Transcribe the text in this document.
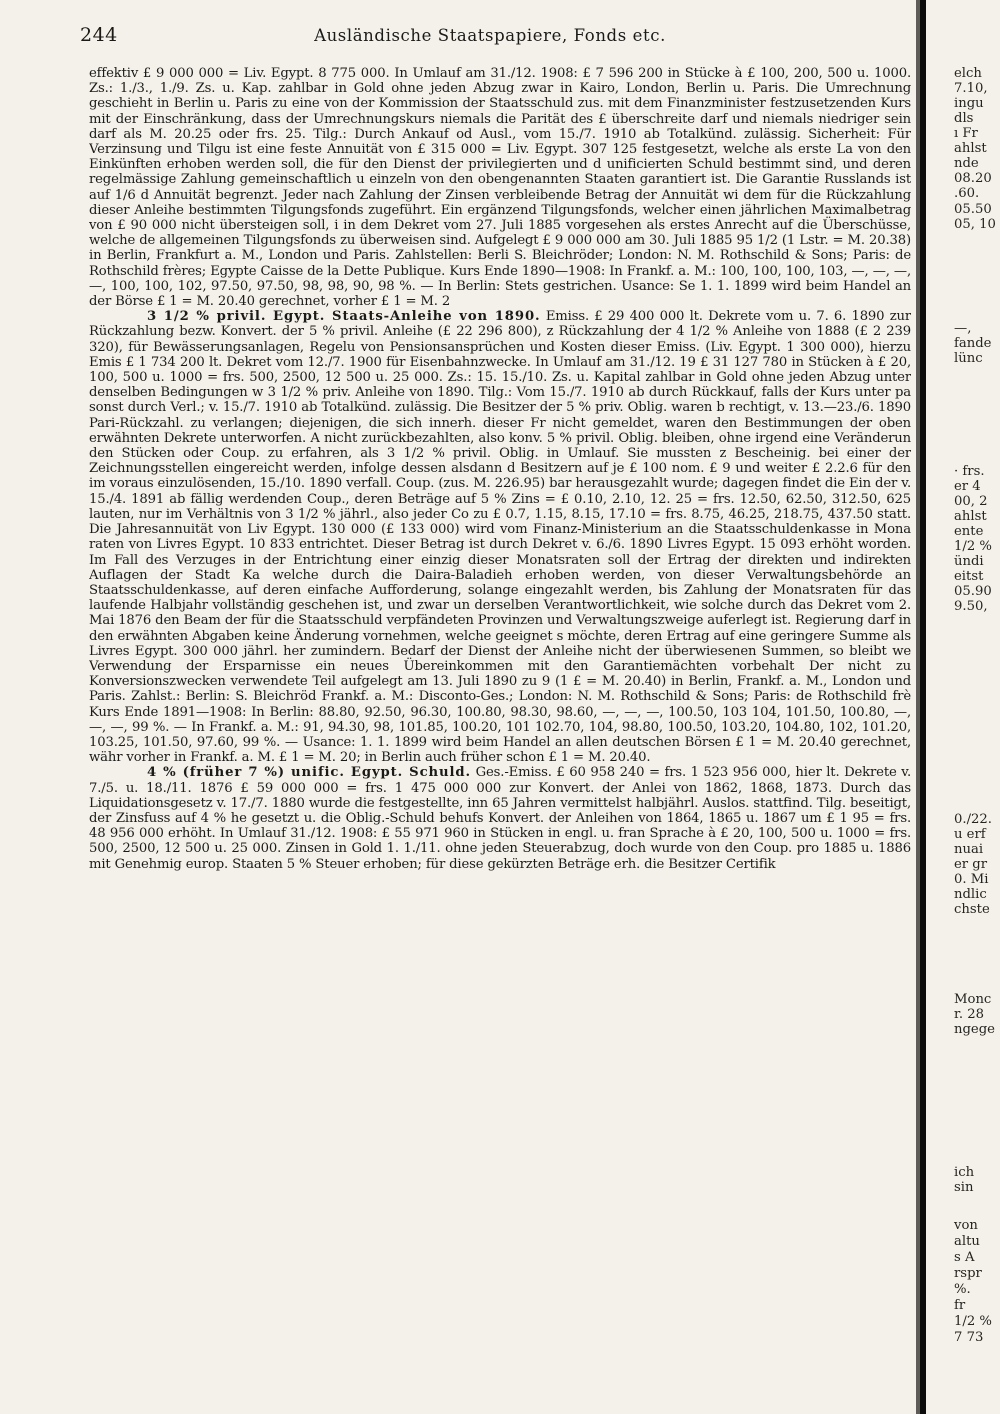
244	Ausländische Staatspapiere, Fonds etc.

effektiv £ 9 000 000 = Liv. Egypt. 8 775 000. In Umlauf am 31./12. 1908: £ 7 596 200 in Stücke à £ 100, 200, 500 u. 1000. Zs.: 1./3., 1./9. Zs. u. Kap. zahlbar in Gold ohne jeden Abzug zwar in Kairo, London, Berlin u. Paris. Die Umrechnung geschieht in Berlin u. Paris zu eine von der Kommission der Staatsschuld zus. mit dem Finanzminister festzusetzenden Kurs mit der Einschränkung, dass der Umrechnungskurs niemals die Parität des £ überschreite darf und niemals niedriger sein darf als M. 20.25 oder frs. 25. Tilg.: Durch Ankauf od Ausl., vom 15./7. 1910 ab Totalkünd. zulässig. Sicherheit: Für Verzinsung und Tilgu ist eine feste Annuität von £ 315 000 = Liv. Egypt. 307 125 festgesetzt, welche als erste La von den Einkünften erhoben werden soll, die für den Dienst der privilegierten und d unificierten Schuld bestimmt sind, und deren regelmässige Zahlung gemeinschaftlich u einzeln von den obengenannten Staaten garantiert ist. Die Garantie Russlands ist auf 1/6 d Annuität begrenzt. Jeder nach Zahlung der Zinsen verbleibende Betrag der Annuität wi dem für die Rückzahlung dieser Anleihe bestimmten Tilgungsfonds zugeführt. Ein ergänzend Tilgungsfonds, welcher einen jährlichen Maximalbetrag von £ 90 000 nicht übersteigen soll, i in dem Dekret vom 27. Juli 1885 vorgesehen als erstes Anrecht auf die Überschüsse, welche de allgemeinen Tilgungsfonds zu überweisen sind. Aufgelegt £ 9 000 000 am 30. Juli 1885 95 1/2 (1 Lstr. = M. 20.38) in Berlin, Frankfurt a. M., London und Paris. Zahlstellen: Berli S. Bleichröder; London: N. M. Rothschild & Sons; Paris: de Rothschild frères; Egypte Caisse de la Dette Publique. Kurs Ende 1890—1908: In Frankf. a. M.: 100, 100, 100, 103, —, —, —, —, 100, 100, 102, 97.50, 97.50, 98, 98, 90, 98 %. — In Berlin: Stets gestrichen. Usance: Se 1. 1. 1899 wird beim Handel an der Börse £ 1 = M. 20.40 gerechnet, vorher £ 1 = M. 2

3 1/2 % privil. Egypt. Staats-Anleihe von 1890. Emiss. £ 29 400 000 lt. Dekrete vom u. 7. 6. 1890 zur Rückzahlung bezw. Konvert. der 5 % privil. Anleihe (£ 22 296 800), z Rückzahlung der 4 1/2 % Anleihe von 1888 (£ 2 239 320), für Bewässerungsanlagen, Regelu von Pensionsansprüchen und Kosten dieser Emiss. (Liv. Egypt. 1 300 000), hierzu Emis £ 1 734 200 lt. Dekret vom 12./7. 1900 für Eisenbahnzwecke. In Umlauf am 31./12. 19 £ 31 127 780 in Stücken à £ 20, 100, 500 u. 1000 = frs. 500, 2500, 12 500 u. 25 000. Zs.: 15. 15./10. Zs. u. Kapital zahlbar in Gold ohne jeden Abzug unter denselben Bedingungen w 3 1/2 % priv. Anleihe von 1890. Tilg.: Vom 15./7. 1910 ab durch Rückkauf, falls der Kurs unter pa sonst durch Verl.; v. 15./7. 1910 ab Totalkünd. zulässig. Die Besitzer der 5 % priv. Oblig. waren b rechtigt, v. 13.—23./6. 1890 Pari-Rückzahl. zu verlangen; diejenigen, die sich innerh. dieser Fr nicht gemeldet, waren den Bestimmungen der oben erwähnten Dekrete unterworfen. A nicht zurückbezahlten, also konv. 5 % privil. Oblig. bleiben, ohne irgend eine Veränderun den Stücken oder Coup. zu erfahren, als 3 1/2 % privil. Oblig. in Umlauf. Sie mussten z Bescheinig. bei einer der Zeichnungsstellen eingereicht werden, infolge dessen alsdann d Besitzern auf je £ 100 nom. £ 9 und weiter £ 2.2.6 für den im voraus einzulösenden, 15./10. 1890 verfall. Coup. (zus. M. 226.95) bar herausgezahlt wurde; dagegen findet die Ein der v. 15./4. 1891 ab fällig werdenden Coup., deren Beträge auf 5 % Zins = £ 0.10, 2.10, 12. 25 = frs. 12.50, 62.50, 312.50, 625 lauten, nur im Verhältnis von 3 1/2 % jährl., also jeder Co zu £ 0.7, 1.15, 8.15, 17.10 = frs. 8.75, 46.25, 218.75, 437.50 statt. Die Jahresannuität von Liv Egypt. 130 000 (£ 133 000) wird vom Finanz-Ministerium an die Staatsschuldenkasse in Mona raten von Livres Egypt. 10 833 entrichtet. Dieser Betrag ist durch Dekret v. 6./6. 1890 Livres Egypt. 15 093 erhöht worden. Im Fall des Verzuges in der Entrichtung einer einzig dieser Monatsraten soll der Ertrag der direkten und indirekten Auflagen der Stadt Ka welche durch die Daira-Baladieh erhoben werden, von dieser Verwaltungsbehörde an Staatsschuldenkasse, auf deren einfache Aufforderung, solange eingezahlt werden, bis Zahlung der Monatsraten für das laufende Halbjahr vollständig geschehen ist, und zwar un derselben Verantwortlichkeit, wie solche durch das Dekret vom 2. Mai 1876 den Beam der für die Staatsschuld verpfändeten Provinzen und Verwaltungszweige auferlegt ist. Regierung darf in den erwähnten Abgaben keine Änderung vornehmen, welche geeignet s möchte, deren Ertrag auf eine geringere Summe als Livres Egypt. 300 000 jährl. her zumindern. Bedarf der Dienst der Anleihe nicht der überwiesenen Summen, so bleibt we Verwendung der Ersparnisse ein neues Übereinkommen mit den Garantiemächten vorbehalt Der nicht zu Konversionszwecken verwendete Teil aufgelegt am 13. Juli 1890 zu 9 (1 £ = M. 20.40) in Berlin, Frankf. a. M., London und Paris. Zahlst.: Berlin: S. Bleichröd Frankf. a. M.: Disconto-Ges.; London: N. M. Rothschild & Sons; Paris: de Rothschild frè Kurs Ende 1891—1908: In Berlin: 88.80, 92.50, 96.30, 100.80, 98.30, 98.60, —, —, —, 100.50, 103 104, 101.50, 100.80, —, —, —, 99 %. — In Frankf. a. M.: 91, 94.30, 98, 101.85, 100.20, 101 102.70, 104, 98.80, 100.50, 103.20, 104.80, 102, 101.20, 103.25, 101.50, 97.60, 99 %. — Usance: 1. 1. 1899 wird beim Handel an allen deutschen Börsen £ 1 = M. 20.40 gerechnet, währ vorher in Frankf. a. M. £ 1 = M. 20; in Berlin auch früher schon £ 1 = M. 20.40.

4 % (früher 7 %) unific. Egypt. Schuld. Ges.-Emiss. £ 60 958 240 = frs. 1 523 956 000, hier lt. Dekrete v. 7./5. u. 18./11. 1876 £ 59 000 000 = frs. 1 475 000 000 zur Konvert. der Anlei von 1862, 1868, 1873. Durch das Liquidationsgesetz v. 17./7. 1880 wurde die festgestellte, inn 65 Jahren vermittelst halbjährl. Auslos. stattfind. Tilg. beseitigt, der Zinsfuss auf 4 % he gesetzt u. die Oblig.-Schuld behufs Konvert. der Anleihen von 1864, 1865 u. 1867 um £ 1 95 = frs. 48 956 000 erhöht. In Umlauf 31./12. 1908: £ 55 971 960 in Stücken in engl. u. fran Sprache à £ 20, 100, 500 u. 1000 = frs. 500, 2500, 12 500 u. 25 000. Zinsen in Gold 1. 1./11. ohne jeden Steuerabzug, doch wurde von den Coup. pro 1885 u. 1886 mit Genehmig europ. Staaten 5 % Steuer erhoben; für diese gekürzten Beträge erh. die Besitzer Certifik

elch
7.10,
ingu
dls
ı Fr
ahlst
nde
08.20
.60.
05.50
05, 10
—,
fande
lünc
· frs.
er 4
00, 2
ahlst
ente
1/2 %
ündi
eitst
05.90
9.50,
0./22.
u erf
nuai
er gr
0. Mi
ndlic
chste
Monc
r. 28
ngege
ich
sin
von
altu
s A
rspr
%.
fr
1/2 %
7 73
